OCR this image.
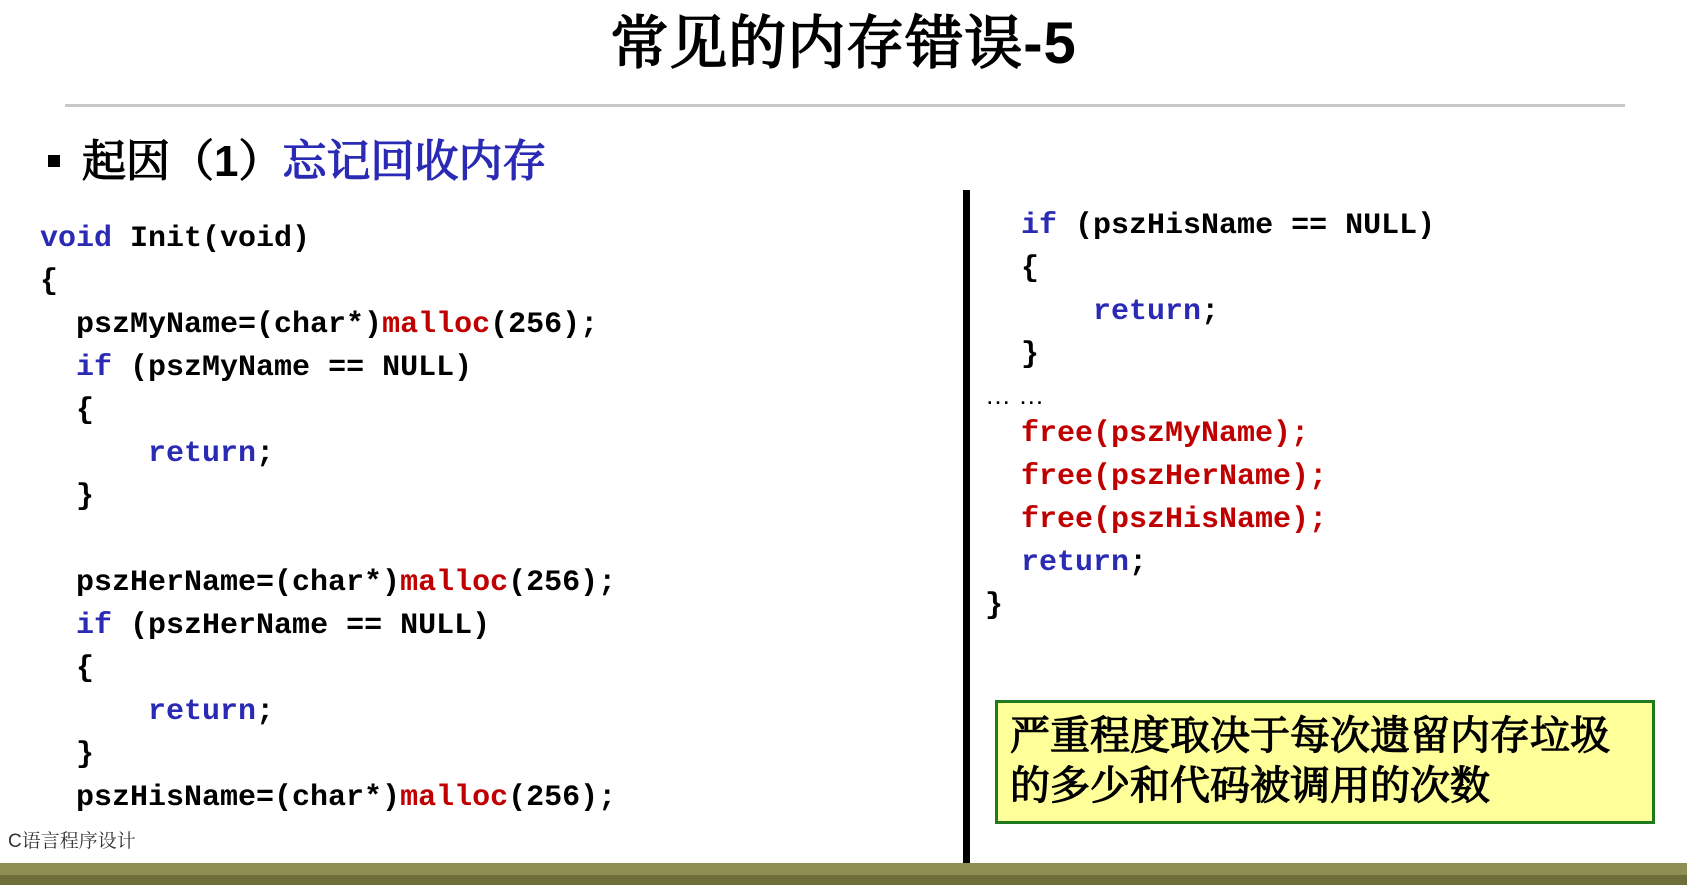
常见的内存错误-5
起因（1）忘记回收内存
void Init(void)
{
pszMyName=(char*)malloc(256);
if (pszMyName == NULL)
{
return;
}

pszHerName=(char*)malloc(256);
if (pszHerName == NULL)
{
return;
}
pszHisName=(char*)malloc(256);
if (pszHisName == NULL)
{
return;
}
… …
free(pszMyName);
free(pszHerName);
free(pszHisName);
return;
}
严重程度取决于每次遗留内存垃圾的多少和代码被调用的次数
C语言程序设计
